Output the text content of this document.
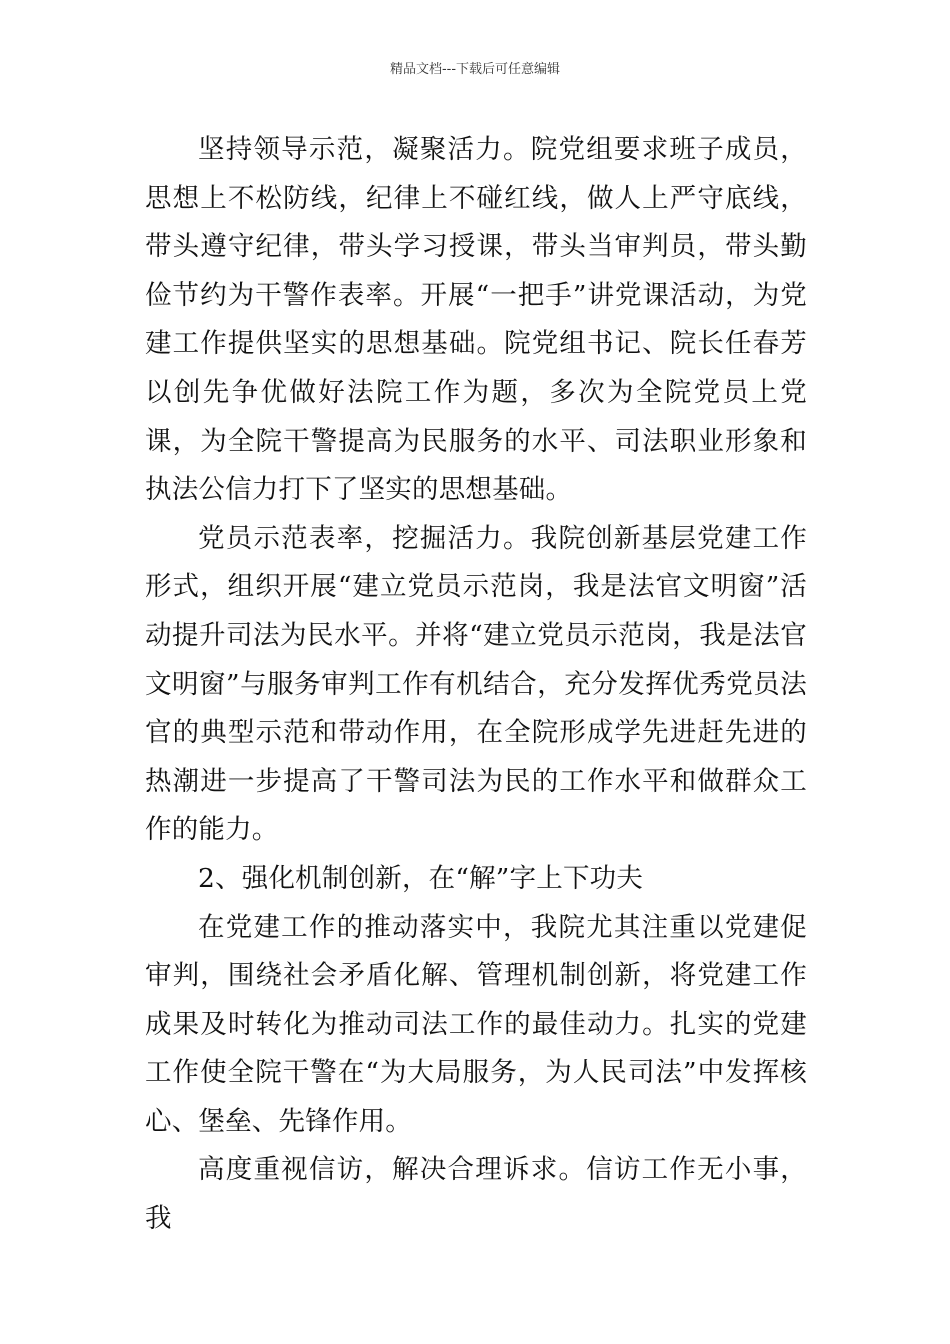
精品文档---下载后可任意编辑

坚持领导示范，凝聚活力。院党组要求班子成员，思想上不松防线，纪律上不碰红线，做人上严守底线，带头遵守纪律，带头学习授课，带头当审判员，带头勤俭节约为干警作表率。开展“一把手”讲党课活动，为党建工作提供坚实的思想基础。院党组书记、院长任春芳以创先争优做好法院工作为题，多次为全院党员上党课，为全院干警提高为民服务的水平、司法职业形象和执法公信力打下了坚实的思想基础。

党员示范表率，挖掘活力。我院创新基层党建工作形式，组织开展“建立党员示范岗，我是法官文明窗”活动提升司法为民水平。并将“建立党员示范岗，我是法官文明窗”与服务审判工作有机结合，充分发挥优秀党员法官的典型示范和带动作用，在全院形成学先进赶先进的热潮进一步提高了干警司法为民的工作水平和做群众工作的能力。

2、强化机制创新，在“解”字上下功夫

在党建工作的推动落实中，我院尤其注重以党建促审判，围绕社会矛盾化解、管理机制创新，将党建工作成果及时转化为推动司法工作的最佳动力。扎实的党建工作使全院干警在“为大局服务，为人民司法”中发挥核心、堡垒、先锋作用。

高度重视信访，解决合理诉求。信访工作无小事，我
